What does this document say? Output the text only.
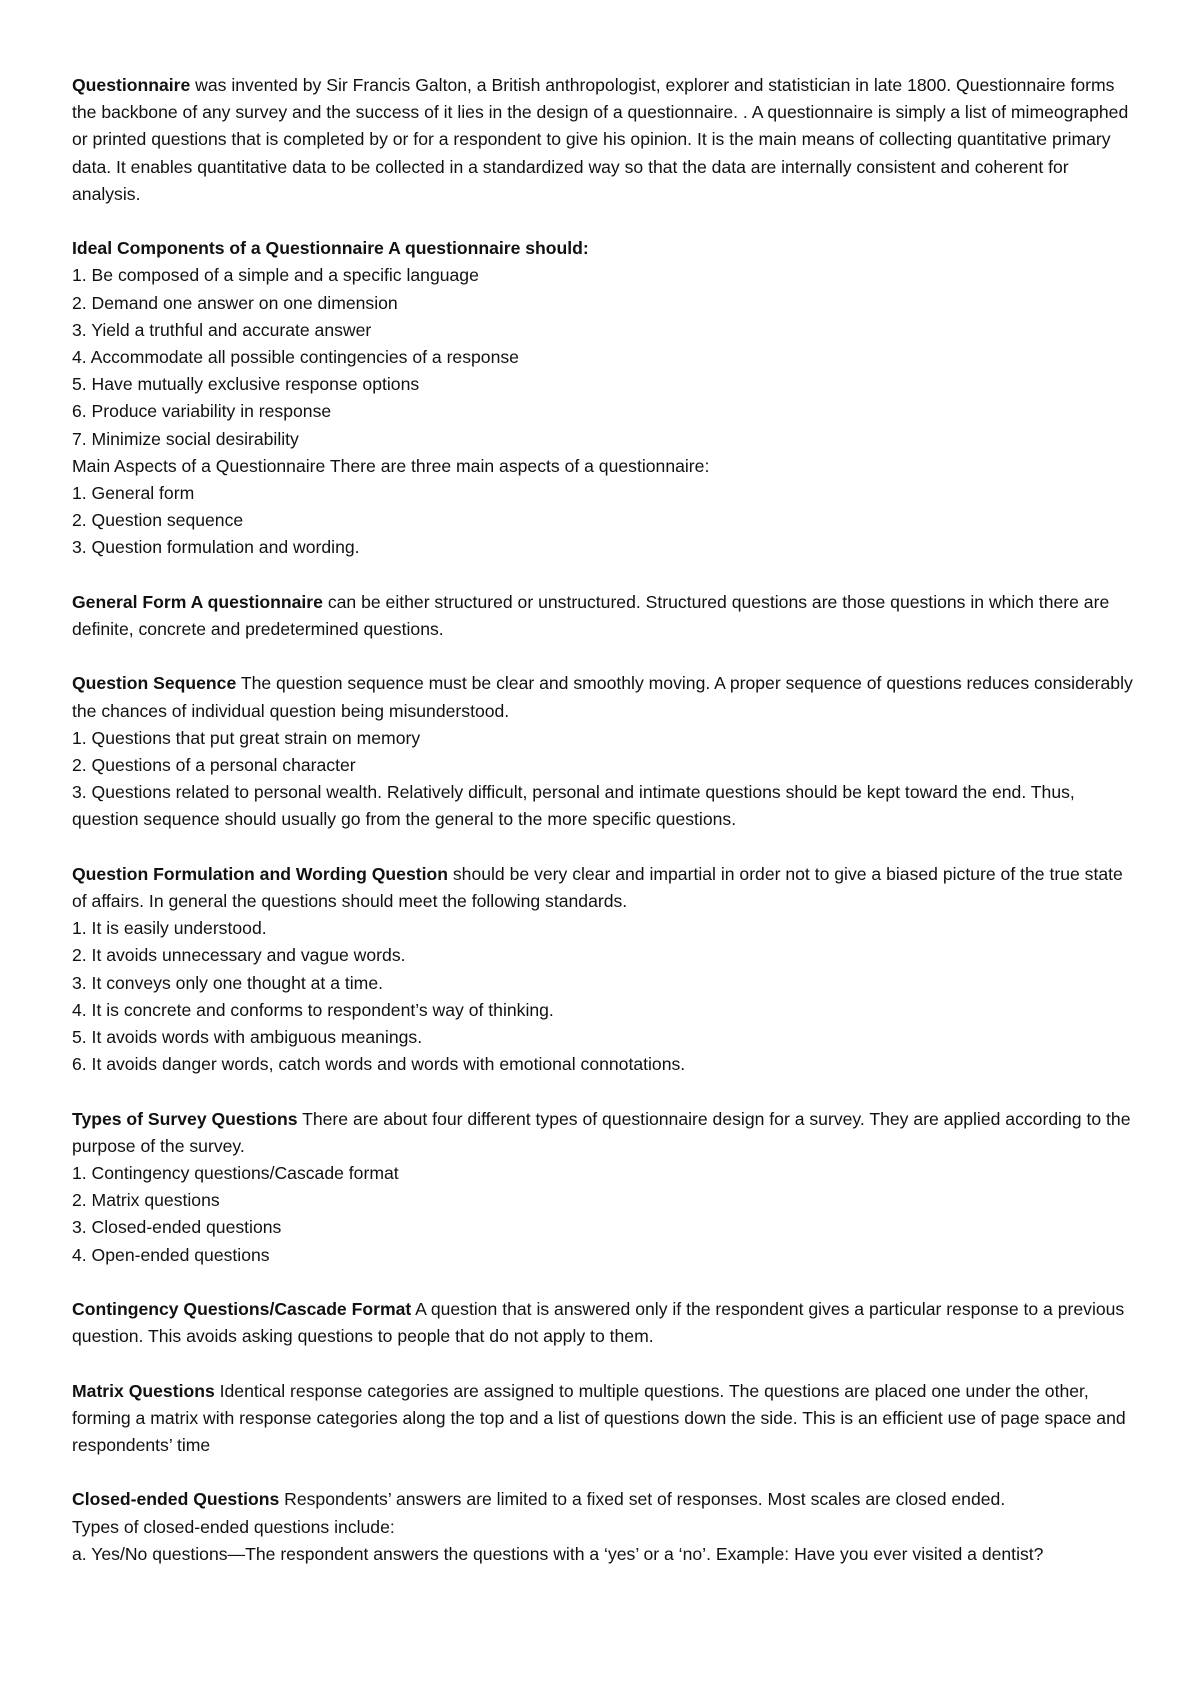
Questionnaire was invented by Sir Francis Galton, a British anthropologist, explorer and statistician in late 1800. Questionnaire forms the backbone of any survey and the success of it lies in the design of a questionnaire. . A questionnaire is simply a list of mimeographed or printed questions that is completed by or for a respondent to give his opinion. It is the main means of collecting quantitative primary data. It enables quantitative data to be collected in a standardized way so that the data are internally consistent and coherent for analysis.

Ideal Components of a Questionnaire A questionnaire should:
1. Be composed of a simple and a specific language
2. Demand one answer on one dimension
3. Yield a truthful and accurate answer
4. Accommodate all possible contingencies of a response
5. Have mutually exclusive response options
6. Produce variability in response
7. Minimize social desirability
Main Aspects of a Questionnaire There are three main aspects of a questionnaire:
1. General form
2. Question sequence
3. Question formulation and wording.

General Form A questionnaire can be either structured or unstructured. Structured questions are those questions in which there are definite, concrete and predetermined questions.

Question Sequence The question sequence must be clear and smoothly moving. A proper sequence of questions reduces considerably the chances of individual question being misunderstood.

1. Questions that put great strain on memory
2. Questions of a personal character
3. Questions related to personal wealth. Relatively difficult, personal and intimate questions should be kept toward the end. Thus, question sequence should usually go from the general to the more specific questions.

Question Formulation and Wording Question should be very clear and impartial in order not to give a biased picture of the true state of affairs. In general the questions should meet the following standards.

1. It is easily understood.
2. It avoids unnecessary and vague words.
3. It conveys only one thought at a time.
4. It is concrete and conforms to respondent’s way of thinking.
5. It avoids words with ambiguous meanings.
6. It avoids danger words, catch words and words with emotional connotations.

Types of Survey Questions There are about four different types of questionnaire design for a survey. They are applied according to the purpose of the survey.

1. Contingency questions/Cascade format
2. Matrix questions
3. Closed-ended questions
4. Open-ended questions

Contingency Questions/Cascade Format A question that is answered only if the respondent gives a particular response to a previous question. This avoids asking questions to people that do not apply to them.

Matrix Questions Identical response categories are assigned to multiple questions. The questions are placed one under the other, forming a matrix with response categories along the top and a list of questions down the side. This is an efficient use of page space and respondents’ time

Closed-ended Questions Respondents’ answers are limited to a fixed set of responses. Most scales are closed ended.

Types of closed-ended questions include:
a. Yes/No questions—The respondent answers the questions with a ‘yes’ or a ‘no’. Example: Have you ever visited a dentist?
